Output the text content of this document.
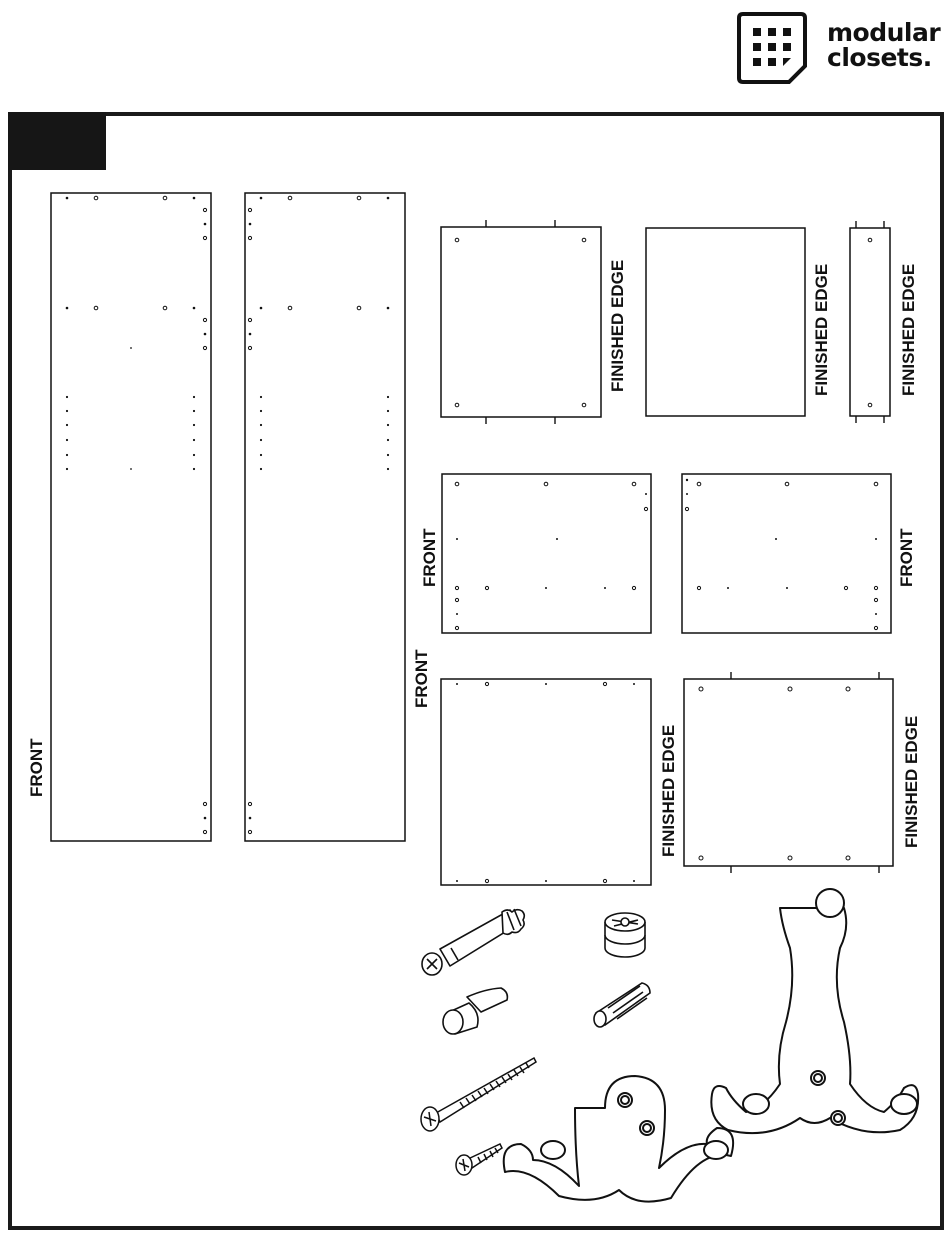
modular
closets.
FRONT
FRONT
FINISHED EDGE	FINISHED EDGE	FINISHED EDGE
FRONT	FRONT
FINISHED EDGE	FINISHED EDGE
